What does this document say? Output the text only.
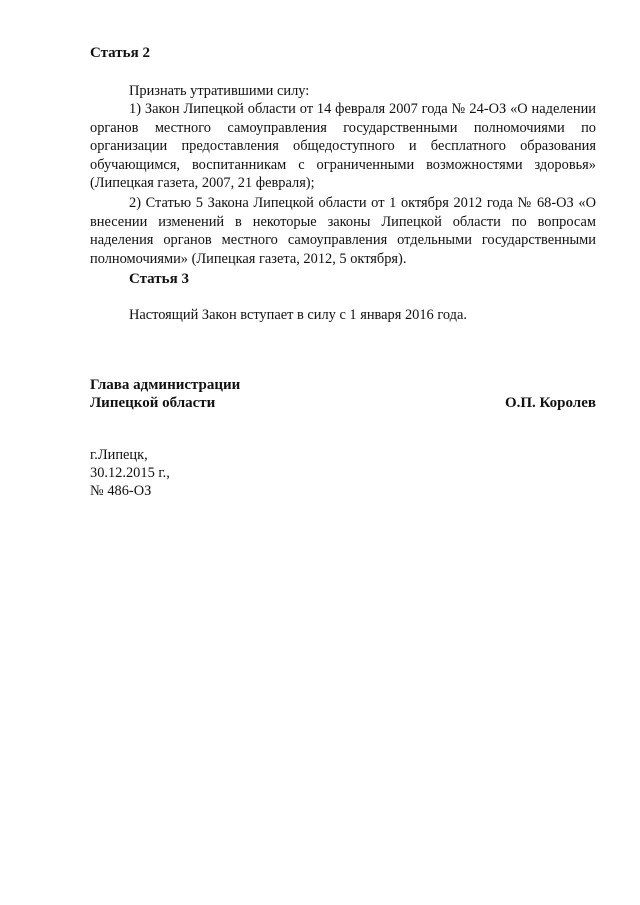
Статья 2

Признать утратившими силу:

1) Закон Липецкой области от 14 февраля 2007 года № 24-ОЗ «О наделении органов местного самоуправления государственными полномочиями по организации предоставления общедоступного и бесплатного образования обучающимся, воспитанникам с ограниченными возможностями здоровья» (Липецкая газета, 2007, 21 февраля);

2) Статью 5 Закона Липецкой области от 1 октября 2012 года № 68-ОЗ «О внесении изменений в некоторые законы Липецкой области по вопросам наделения органов местного самоуправления отдельными государственными полномочиями» (Липецкая газета, 2012, 5 октября).

Статья 3

Настоящий Закон вступает в силу с 1 января 2016 года.

Глава администрации
Липецкой области	О.П. Королев
г.Липецк,
30.12.2015 г.,
№ 486-ОЗ
